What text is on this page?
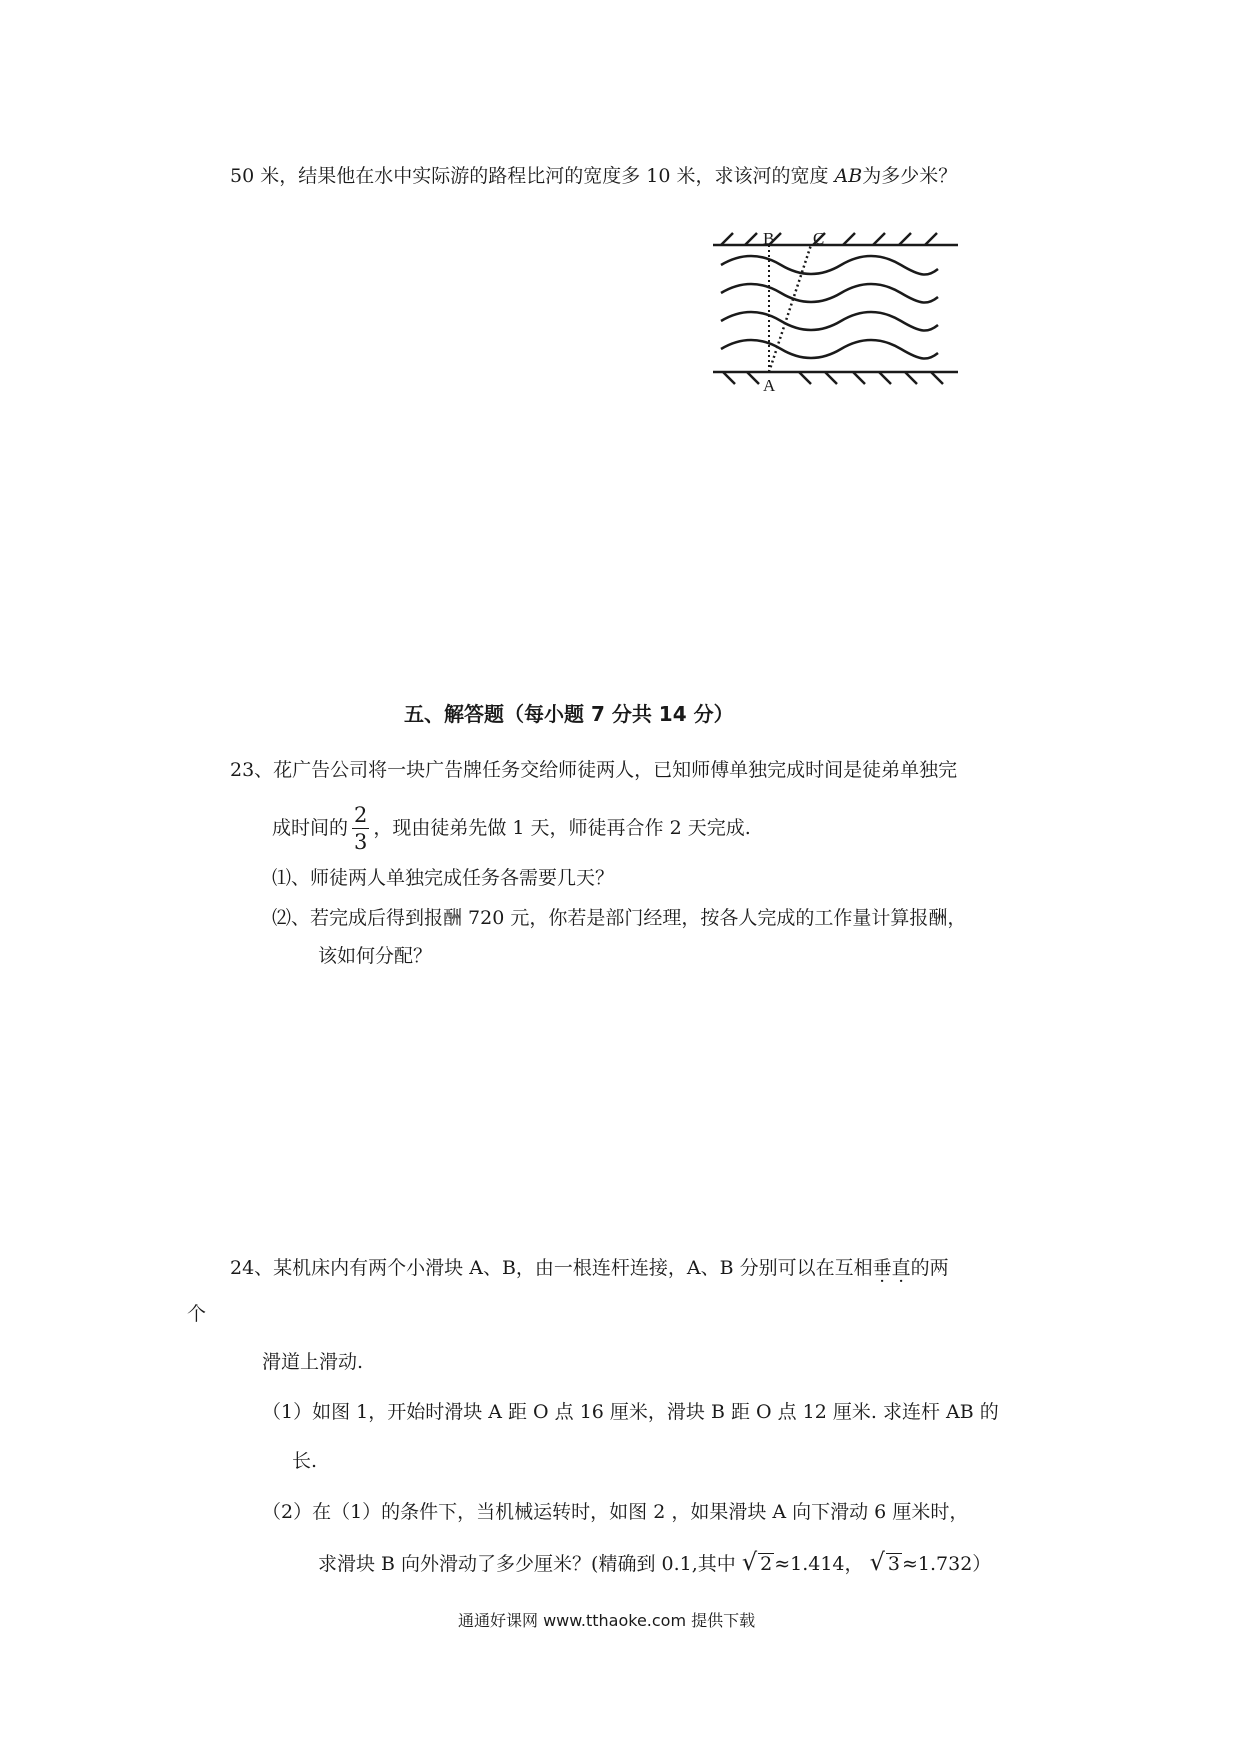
50 米，结果他在水中实际游的路程比河的宽度多 10 米，求该河的宽度 AB为多少米？
B C
A
五、解答题（每小题 7 分共 14 分）
23、花广告公司将一块广告牌任务交给师徒两人，已知师傅单独完成时间是徒弟单独完
成时间的 $\frac{2}{3}$ ，现由徒弟先做 1 天，师徒再合作 2 天完成.
⑴、师徒两人单独完成任务各需要几天？
⑵、若完成后得到报酬 720 元，你若是部门经理，按各人完成的工作量计算报酬，
该如何分配？
24、某机床内有两个小滑块 A、B，由一根连杆连接，A、B 分别可以在互相垂直的两
个
滑道上滑动.
（1）如图 1，开始时滑块 A 距 O 点 16 厘米，滑块 B 距 O 点 12 厘米. 求连杆 AB 的
长.
（2）在（1）的条件下，当机械运转时，如图 2 ，如果滑块 A 向下滑动 6 厘米时，
求滑块 B 向外滑动了多少厘米？(精确到 0.1,其中 √ 2 ≈1.414， √ 3 ≈1.732）
通通好课网 www.tthaoke.com 提供下载
